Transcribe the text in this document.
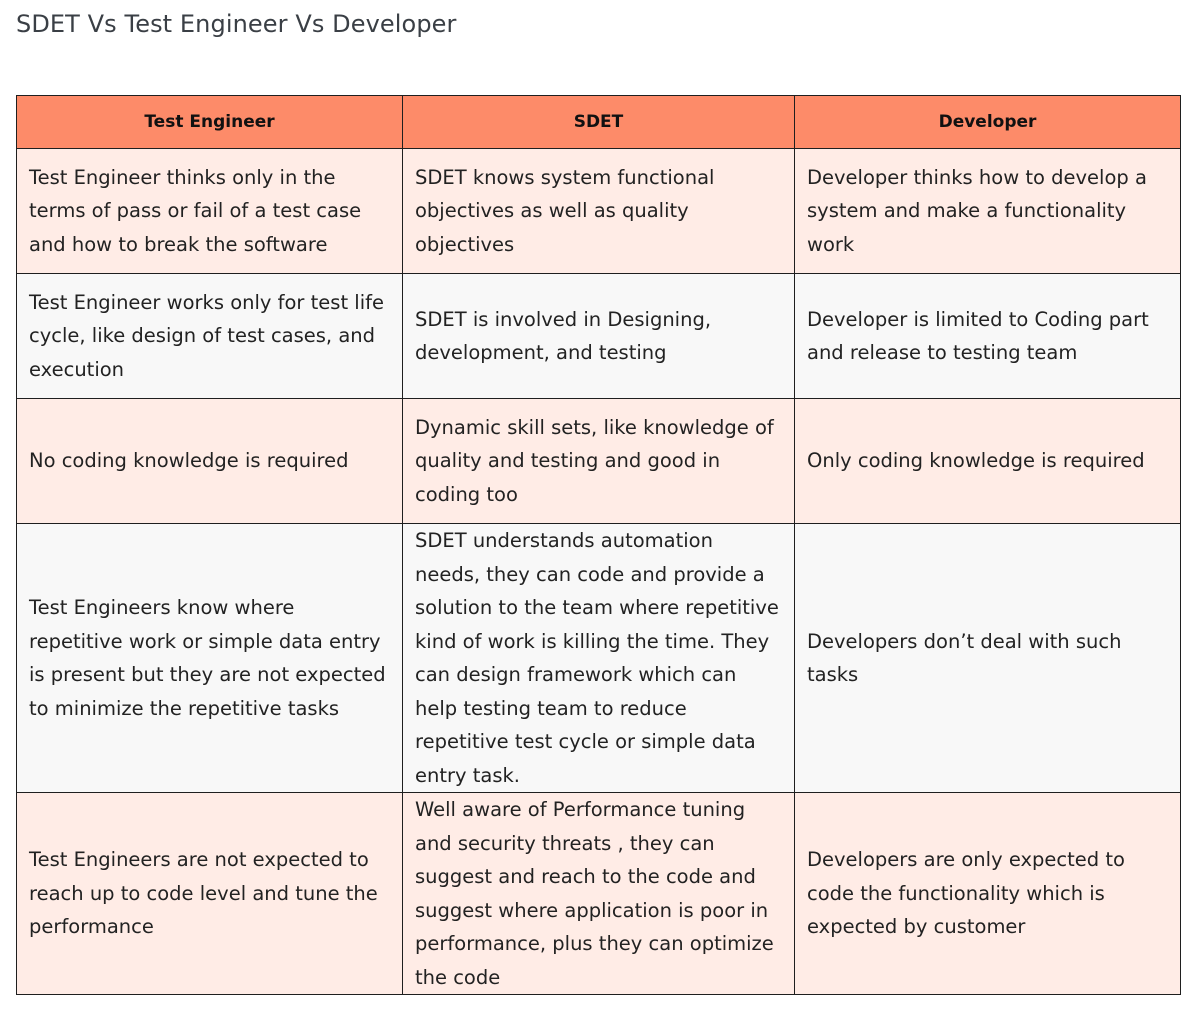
SDET Vs Test Engineer Vs Developer
Test Engineer	SDET	Developer
Test Engineer thinks only in the terms of pass or fail of a test case and how to break the software	SDET knows system functional objectives as well as quality objectives	Developer thinks how to develop a system and make a functionality work
Test Engineer works only for test life cycle, like design of test cases, and execution	SDET is involved in Designing, development, and testing	Developer is limited to Coding part and release to testing team
No coding knowledge is required	Dynamic skill sets, like knowledge of quality and testing and good in coding too	Only coding knowledge is required
Test Engineers know where repetitive work or simple data entry is present but they are not expected to minimize the repetitive tasks	SDET understands automation needs, they can code and provide a solution to the team where repetitive kind of work is killing the time. They can design framework which can help testing team to reduce repetitive test cycle or simple data entry task.	Developers don’t deal with such tasks
Test Engineers are not expected to reach up to code level and tune the performance	Well aware of Performance tuning and security threats , they can suggest and reach to the code and suggest where application is poor in performance, plus they can optimize the code	Developers are only expected to code the functionality which is expected by customer
